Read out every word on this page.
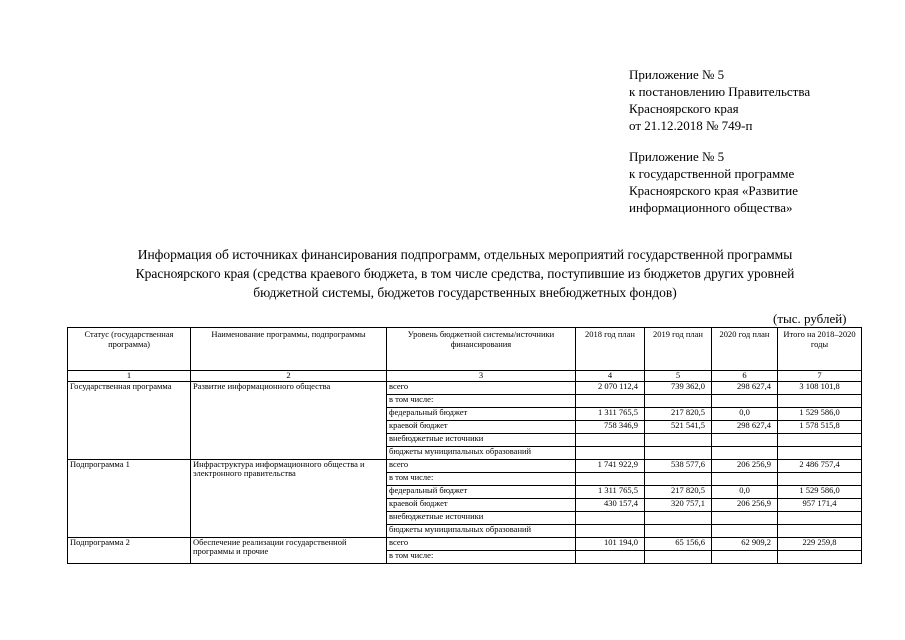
Приложение № 5
к постановлению Правительства
Красноярского края
от 21.12.2018 № 749-п
Приложение № 5
к государственной программе
Красноярского края «Развитие
информационного общества»
Информация об источниках финансирования подпрограмм, отдельных мероприятий государственной программы
Красноярского края (средства краевого бюджета, в том числе средства, поступившие из бюджетов других уровней
бюджетной системы, бюджетов государственных внебюджетных фондов)
(тыс. рублей)
Статус (государственная программа)	Наименование программы, подпрограммы	Уровень бюджетной системы/источники финансирования	2018 год план	2019 год план	2020 год план	Итого на 2018–2020 годы
1	2	3	4	5	6	7
Государственная программа	Развитие информационного общества	всего	2 070 112,4	739 362,0	298 627,4	3 108 101,8
		в том числе:				
		федеральный бюджет	1 311 765,5	217 820,5	0,0	1 529 586,0
		краевой бюджет	758 346,9	521 541,5	298 627,4	1 578 515,8
		внебюджетные источники				
		бюджеты муниципальных образований				
Подпрограмма 1	Инфраструктура информационного общества и электронного правительства	всего	1 741 922,9	538 577,6	206 256,9	2 486 757,4
		в том числе:				
		федеральный бюджет	1 311 765,5	217 820,5	0,0	1 529 586,0
		краевой бюджет	430 157,4	320 757,1	206 256,9	957 171,4
		внебюджетные источники				
		бюджеты муниципальных образований				
Подпрограмма 2	Обеспечение реализации государственной программы и прочие	всего	101 194,0	65 156,6	62 909,2	229 259,8
		в том числе:				
